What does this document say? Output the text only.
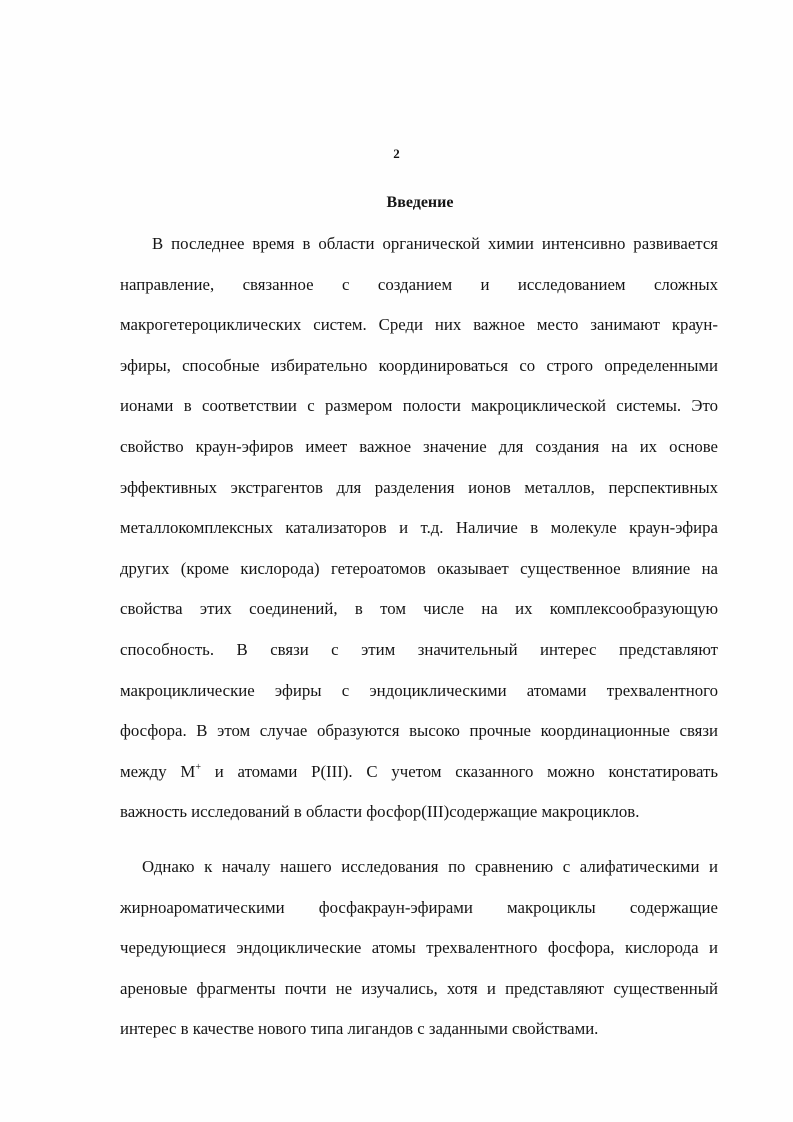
2
Введение
В последнее время в области органической химии интенсивно развивается
направление, связанное с созданием и исследованием сложных
макрогетероциклических систем. Среди них важное место занимают краун-
эфиры, способные избирательно координироваться со строго определенными
ионами в соответствии с размером полости макроциклической системы. Это
свойство краун-эфиров имеет важное значение для создания на их основе
эффективных экстрагентов для разделения ионов металлов, перспективных
металлокомплексных катализаторов и т.д. Наличие в молекуле краун-эфира
других (кроме кислорода) гетероатомов оказывает существенное влияние на
свойства этих соединений, в том числе на их комплексообразующую
способность. В связи с этим значительный интерес представляют
макроциклические эфиры с эндоциклическими атомами трехвалентного
фосфора. В этом случае образуются высоко прочные координационные связи
между M+ и атомами P(III). С учетом сказанного можно констатировать
важность исследований в области фосфор(III)содержащие макроциклов.
Однако к началу нашего исследования по сравнению с алифатическими и
жирноароматическими фосфакраун-эфирами макроциклы содержащие
чередующиеся эндоциклические атомы трехвалентного фосфора, кислорода и
ареновые фрагменты почти не изучались, хотя и представляют существенный
интерес в качестве нового типа лигандов с заданными свойствами.
